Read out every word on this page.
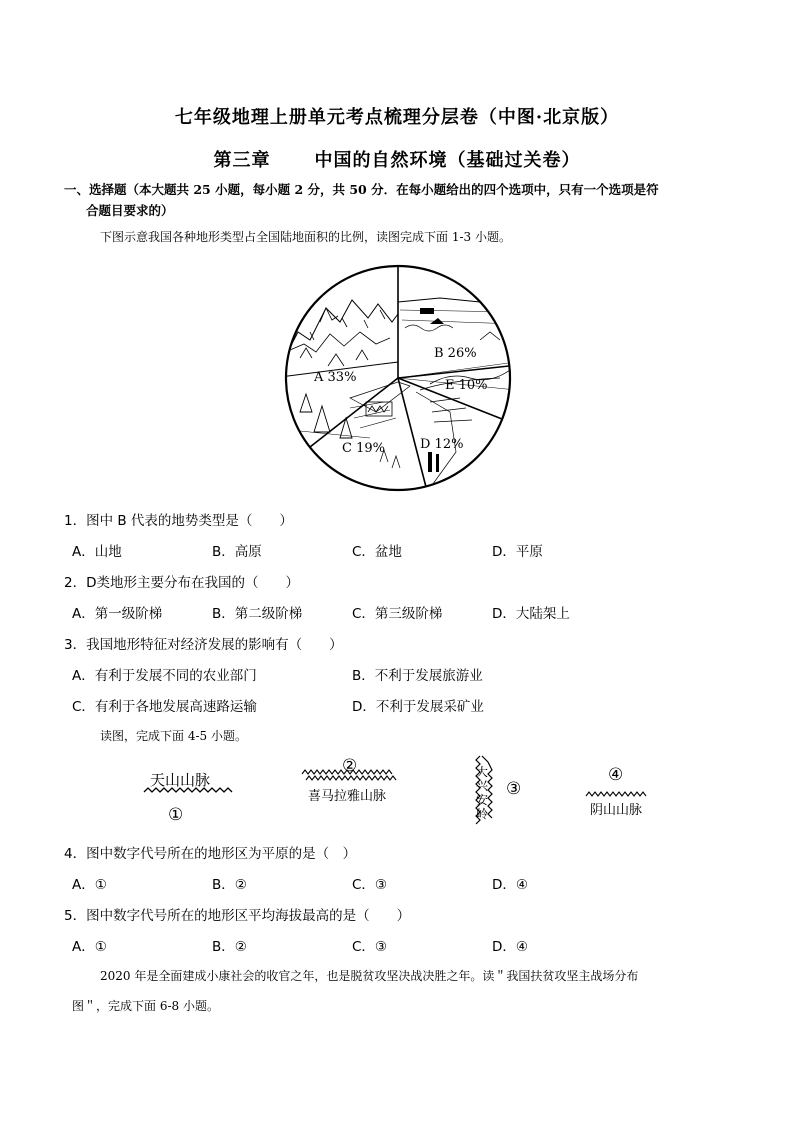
七年级地理上册单元考点梳理分层卷（中图·北京版）
第三章 中国的自然环境（基础过关卷）
一、选择题（本大题共 25 小题，每小题 2 分，共 50 分．在每小题给出的四个选项中，只有一个选项是符
合题目要求的）
下图示意我国各种地形类型占全国陆地面积的比例，读图完成下面 1-3 小题。
B 26%
E 10%
D 12%
C 19%
A 33%
1．图中 B 代表的地势类型是（　　）
A．山地	B．高原	C．盆地	D．平原
2．D类地形主要分布在我国的（　　）
A．第一级阶梯	B．第二级阶梯	C．第三级阶梯	D．大陆架上
3．我国地形特征对经济发展的影响有（　　）
A．有利于发展不同的农业部门	B．不利于发展旅游业
C．有利于各地发展高速路运输	D．不利于发展采矿业
读图，完成下面 4-5 小题。
天山山脉
①
②
喜马拉雅山脉
大
兴
安
岭
③
④
阴山山脉
4．图中数字代号所在的地形区为平原的是（　）
A．①	B．②	C．③	D．④
5．图中数字代号所在的地形区平均海拔最高的是（　　）
A．①	B．②	C．③	D．④
2020 年是全面建成小康社会的收官之年，也是脱贫攻坚决战决胜之年。读＂我国扶贫攻坚主战场分布
图＂，完成下面 6-8 小题。
